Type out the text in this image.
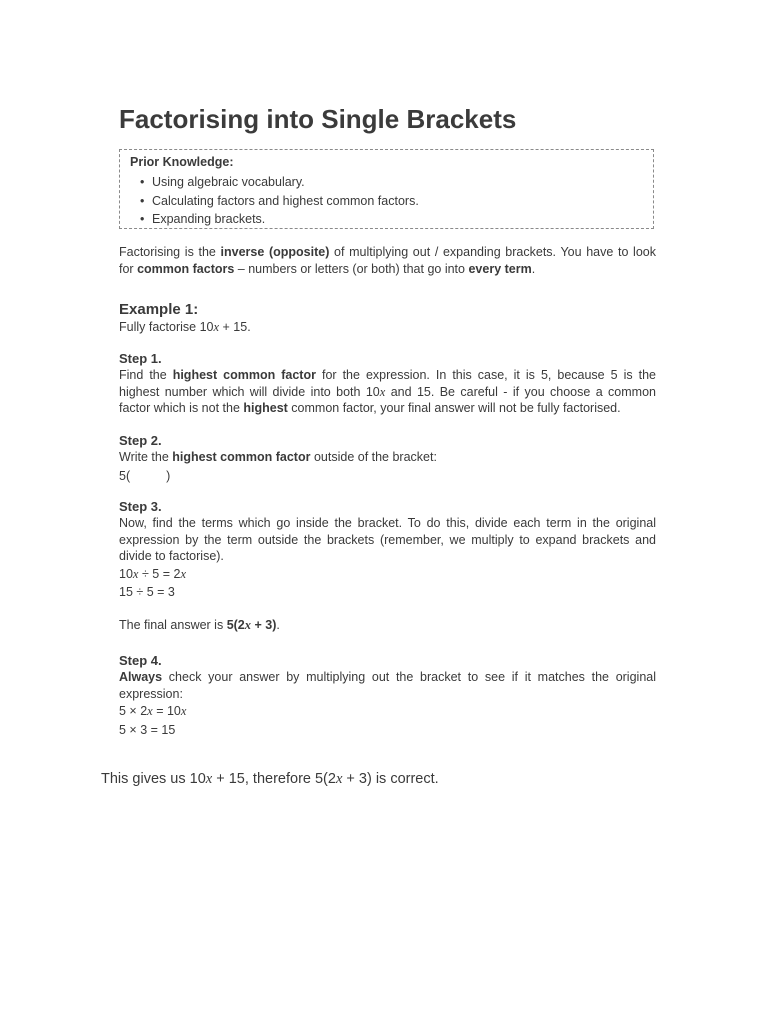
Factorising into Single Brackets

Prior Knowledge:

• Using algebraic vocabulary.
• Calculating factors and highest common factors.
• Expanding brackets.
Factorising is the inverse (opposite) of multiplying out / expanding brackets. You have to look for common factors – numbers or letters (or both) that go into every term.
Example 1:
Fully factorise 10x + 15.
Step 1.
Find the highest common factor for the expression. In this case, it is 5, because 5 is the highest number which will divide into both 10x and 15. Be careful - if you choose a common factor which is not the highest common factor, your final answer will not be fully factorised.
Step 2.
Write the highest common factor outside of the bracket:
5(	)
Step 3.
Now, find the terms which go inside the bracket. To do this, divide each term in the original expression by the term outside the brackets (remember, we multiply to expand brackets and divide to factorise).
10x ÷ 5 = 2x
15 ÷ 5 = 3
The final answer is 5(2x + 3).
Step 4.
Always check your answer by multiplying out the bracket to see if it matches the original expression:
5 × 2x = 10x
5 × 3 = 15
This gives us 10x + 15, therefore 5(2x + 3) is correct.
